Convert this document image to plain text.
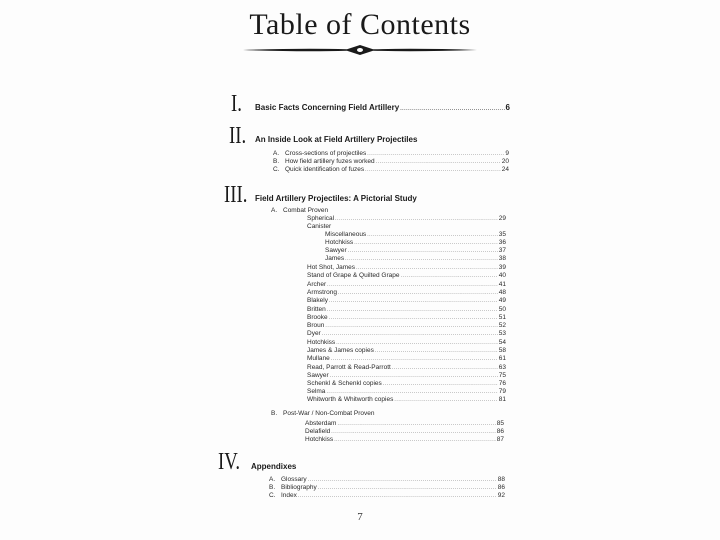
Table of Contents
I. Basic Facts Concerning Field Artillery .....	6
II. An Inside Look at Field Artillery Projectiles
A. Cross-sections of projectiles .....	9
B. How field artillery fuzes worked .....	20
C. Quick identification of fuzes .....	24
III. Field Artillery Projectiles: A Pictorial Study
A. Combat Proven
Spherical .....	29
Canister
Miscellaneous .....	35
Hotchkiss .....	36
Sawyer .....	37
James .....	38
Hot Shot, James .....	39
Stand of Grape & Quilted Grape .....	40
Archer .....	41
Armstrong .....	48
Blakely .....	49
Britten .....	50
Brooke .....	51
Broun .....	52
Dyer .....	53
Hotchkiss .....	54
James & James copies .....	58
Mullane .....	61
Read, Parrott & Read-Parrott .....	63
Sawyer .....	75
Schenkl & Schenkl copies .....	76
Selma .....	79
Whitworth & Whitworth copies .....	81
B. Post-War / Non-Combat Proven
Absterdam .....	85
Delafield .....	86
Hotchkiss .....	87
IV. Appendixes
A. Glossary .....	88
B. Bibliography .....	86
C. Index .....	92
7
